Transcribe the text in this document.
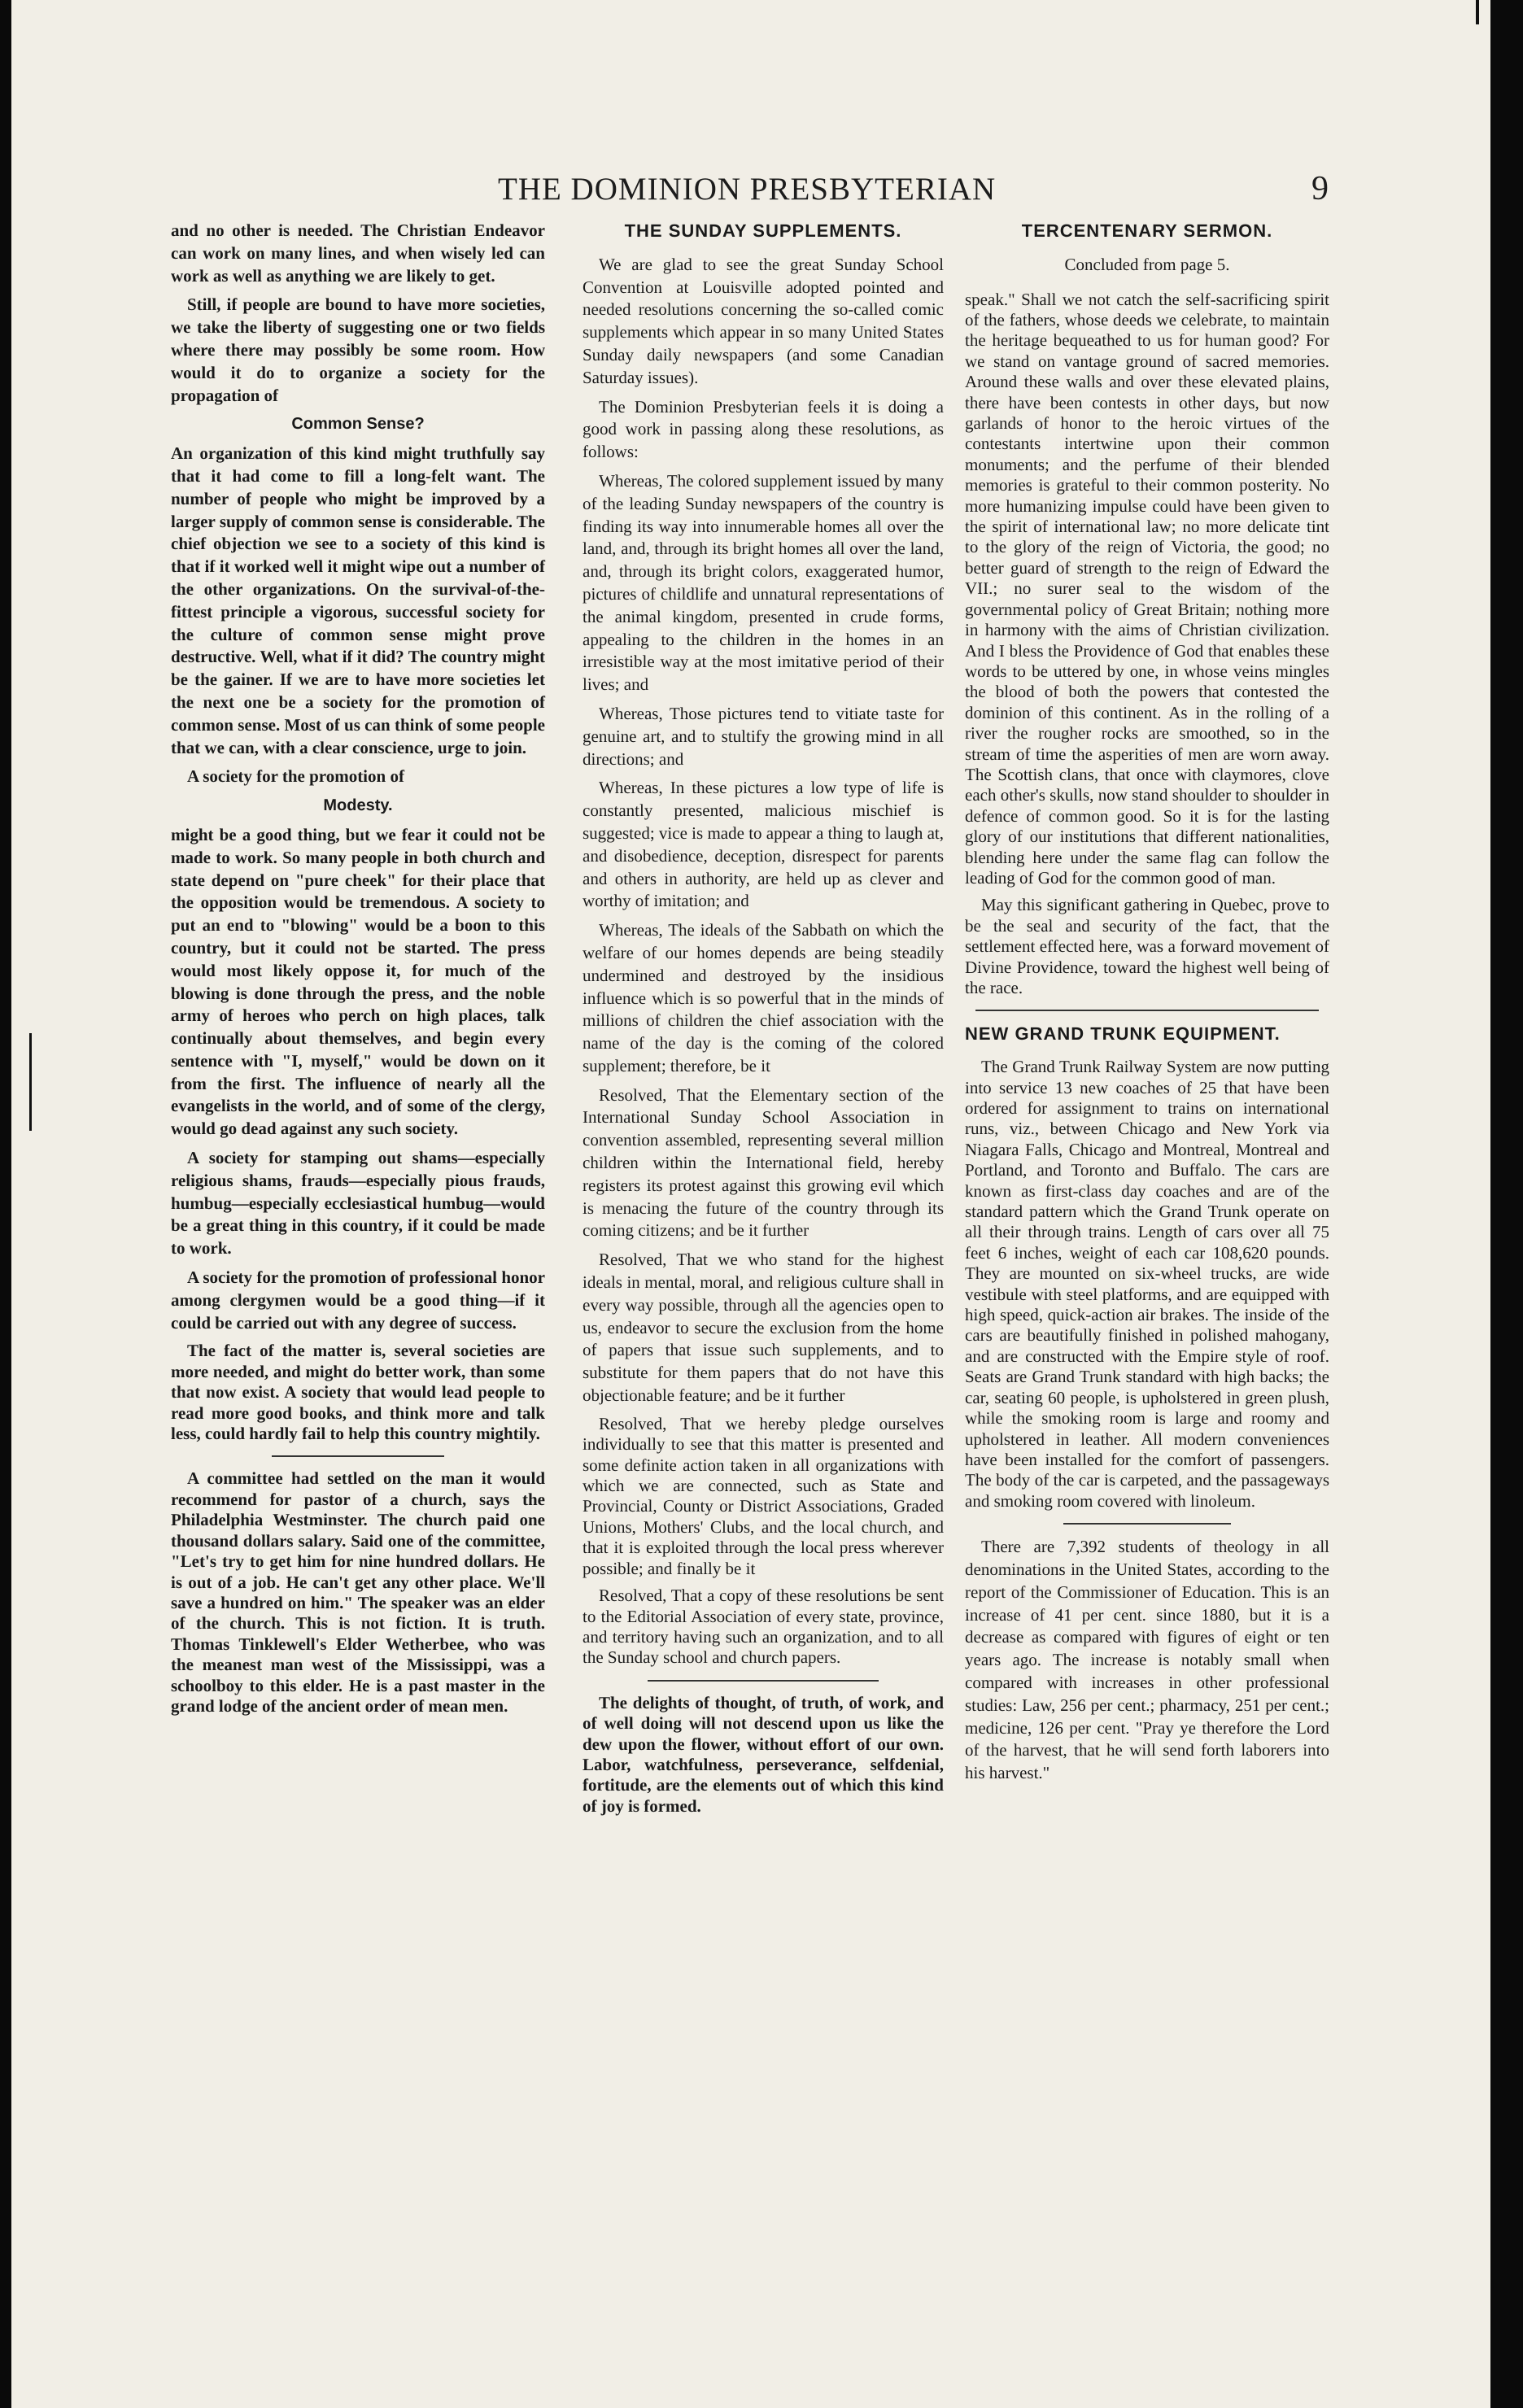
THE DOMINION PRESBYTERIAN	9

and no other is needed. The Christian Endeavor can work on many lines, and when wisely led can work as well as anything we are likely to get.

Still, if people are bound to have more societies, we take the liberty of suggesting one or two fields where there may possibly be some room. How would it do to organize a society for the propagation of

Common Sense?

An organization of this kind might truthfully say that it had come to fill a long-felt want. The number of people who might be improved by a larger supply of common sense is considerable. The chief objection we see to a society of this kind is that if it worked well it might wipe out a number of the other organizations. On the survival-of-the-fittest principle a vigorous, successful society for the culture of common sense might prove destructive. Well, what if it did? The country might be the gainer. If we are to have more societies let the next one be a society for the promotion of common sense. Most of us can think of some people that we can, with a clear conscience, urge to join.

A society for the promotion of

Modesty.

might be a good thing, but we fear it could not be made to work. So many people in both church and state depend on "pure cheek" for their place that the opposition would be tremendous. A society to put an end to "blowing" would be a boon to this country, but it could not be started. The press would most likely oppose it, for much of the blowing is done through the press, and the noble army of heroes who perch on high places, talk continually about themselves, and begin every sentence with "I, myself," would be down on it from the first. The influence of nearly all the evangelists in the world, and of some of the clergy, would go dead against any such society.

A society for stamping out shams—especially religious shams, frauds—especially pious frauds, humbug—especially ecclesiastical humbug—would be a great thing in this country, if it could be made to work.

A society for the promotion of professional honor among clergymen would be a good thing—if it could be carried out with any degree of success.

The fact of the matter is, several societies are more needed, and might do better work, than some that now exist. A society that would lead people to read more good books, and think more and talk less, could hardly fail to help this country mightily.

A committee had settled on the man it would recommend for pastor of a church, says the Philadelphia Westminster. The church paid one thousand dollars salary. Said one of the committee, "Let's try to get him for nine hundred dollars. He is out of a job. He can't get any other place. We'll save a hundred on him." The speaker was an elder of the church. This is not fiction. It is truth. Thomas Tinklewell's Elder Wetherbee, who was the meanest man west of the Mississippi, was a schoolboy to this elder. He is a past master in the grand lodge of the ancient order of mean men.

THE SUNDAY SUPPLEMENTS.

We are glad to see the great Sunday School Convention at Louisville adopted pointed and needed resolutions concerning the so-called comic supplements which appear in so many United States Sunday daily newspapers (and some Canadian Saturday issues).

The Dominion Presbyterian feels it is doing a good work in passing along these resolutions, as follows:

Whereas, The colored supplement issued by many of the leading Sunday newspapers of the country is finding its way into innumerable homes all over the land, and, through its bright homes all over the land, and, through its bright colors, exaggerated humor, pictures of childlife and unnatural representations of the animal kingdom, presented in crude forms, appealing to the children in the homes in an irresistible way at the most imitative period of their lives; and

Whereas, Those pictures tend to vitiate taste for genuine art, and to stultify the growing mind in all directions; and

Whereas, In these pictures a low type of life is constantly presented, malicious mischief is suggested; vice is made to appear a thing to laugh at, and disobedience, deception, disrespect for parents and others in authority, are held up as clever and worthy of imitation; and

Whereas, The ideals of the Sabbath on which the welfare of our homes depends are being steadily undermined and destroyed by the insidious influence which is so powerful that in the minds of millions of children the chief association with the name of the day is the coming of the colored supplement; therefore, be it

Resolved, That the Elementary section of the International Sunday School Association in convention assembled, representing several million children within the International field, hereby registers its protest against this growing evil which is menacing the future of the country through its coming citizens; and be it further

Resolved, That we who stand for the highest ideals in mental, moral, and religious culture shall in every way possible, through all the agencies open to us, endeavor to secure the exclusion from the home of papers that issue such supplements, and to substitute for them papers that do not have this objectionable feature; and be it further

Resolved, That we hereby pledge ourselves individually to see that this matter is presented and some definite action taken in all organizations with which we are connected, such as State and Provincial, County or District Associations, Graded Unions, Mothers' Clubs, and the local church, and that it is exploited through the local press wherever possible; and finally be it

Resolved, That a copy of these resolutions be sent to the Editorial Association of every state, province, and territory having such an organization, and to all the Sunday school and church papers.

The delights of thought, of truth, of work, and of well doing will not descend upon us like the dew upon the flower, without effort of our own. Labor, watchfulness, perseverance, selfdenial, fortitude, are the elements out of which this kind of joy is formed.

TERCENTENARY SERMON.
Concluded from page 5.

speak." Shall we not catch the self-sacrificing spirit of the fathers, whose deeds we celebrate, to maintain the heritage bequeathed to us for human good? For we stand on vantage ground of sacred memories. Around these walls and over these elevated plains, there have been contests in other days, but now garlands of honor to the heroic virtues of the contestants intertwine upon their common monuments; and the perfume of their blended memories is grateful to their common posterity. No more humanizing impulse could have been given to the spirit of international law; no more delicate tint to the glory of the reign of Victoria, the good; no better guard of strength to the reign of Edward the VII.; no surer seal to the wisdom of the governmental policy of Great Britain; nothing more in harmony with the aims of Christian civilization. And I bless the Providence of God that enables these words to be uttered by one, in whose veins mingles the blood of both the powers that contested the dominion of this continent. As in the rolling of a river the rougher rocks are smoothed, so in the stream of time the asperities of men are worn away. The Scottish clans, that once with claymores, clove each other's skulls, now stand shoulder to shoulder in defence of common good. So it is for the lasting glory of our institutions that different nationalities, blending here under the same flag can follow the leading of God for the common good of man.

May this significant gathering in Quebec, prove to be the seal and security of the fact, that the settlement effected here, was a forward movement of Divine Providence, toward the highest well being of the race.

NEW GRAND TRUNK EQUIPMENT.

The Grand Trunk Railway System are now putting into service 13 new coaches of 25 that have been ordered for assignment to trains on international runs, viz., between Chicago and New York via Niagara Falls, Chicago and Montreal, Montreal and Portland, and Toronto and Buffalo. The cars are known as first-class day coaches and are of the standard pattern which the Grand Trunk operate on all their through trains. Length of cars over all 75 feet 6 inches, weight of each car 108,620 pounds. They are mounted on six-wheel trucks, are wide vestibule with steel platforms, and are equipped with high speed, quick-action air brakes. The inside of the cars are beautifully finished in polished mahogany, and are constructed with the Empire style of roof. Seats are Grand Trunk standard with high backs; the car, seating 60 people, is upholstered in green plush, while the smoking room is large and roomy and upholstered in leather. All modern conveniences have been installed for the comfort of passengers. The body of the car is carpeted, and the passageways and smoking room covered with linoleum.

There are 7,392 students of theology in all denominations in the United States, according to the report of the Commissioner of Education. This is an increase of 41 per cent. since 1880, but it is a decrease as compared with figures of eight or ten years ago. The increase is notably small when compared with increases in other professional studies: Law, 256 per cent.; pharmacy, 251 per cent.; medicine, 126 per cent. "Pray ye therefore the Lord of the harvest, that he will send forth laborers into his harvest."
